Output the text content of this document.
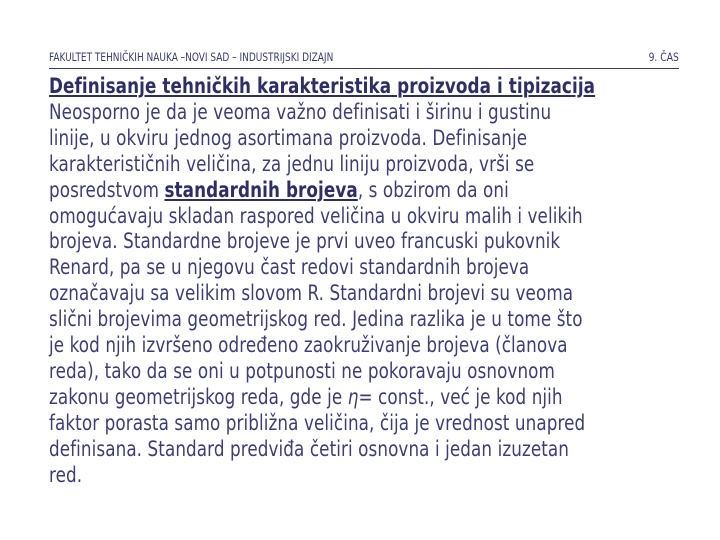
FAKULTET TEHNIČKIH NAUKA –NOVI SAD – INDUSTRIJSKI DIZAJN	9. ČAS
Definisanje tehničkih karakteristika proizvoda i tipizacija
Neosporno je da je veoma važno definisati i širinu i gustinu
linije, u okviru jednog asortimana proizvoda. Definisanje
karakterističnih veličina, za jednu liniju proizvoda, vrši se
posredstvom standardnih brojeva, s obzirom da oni
omogućavaju skladan raspored veličina u okviru malih i velikih
brojeva. Standardne brojeve je prvi uveo francuski pukovnik
Renard, pa se u njegovu čast redovi standardnih brojeva
označavaju sa velikim slovom R. Standardni brojevi su veoma
slični brojevima geometrijskog red. Jedina razlika je u tome što
je kod njih izvršeno određeno zaokruživanje brojeva (članova
reda), tako da se oni u potpunosti ne pokoravaju osnovnom
zakonu geometrijskog reda, gde je η= const., već je kod njih
faktor porasta samo približna veličina, čija je vrednost unapred
definisana. Standard predviđa četiri osnovna i jedan izuzetan
red.
